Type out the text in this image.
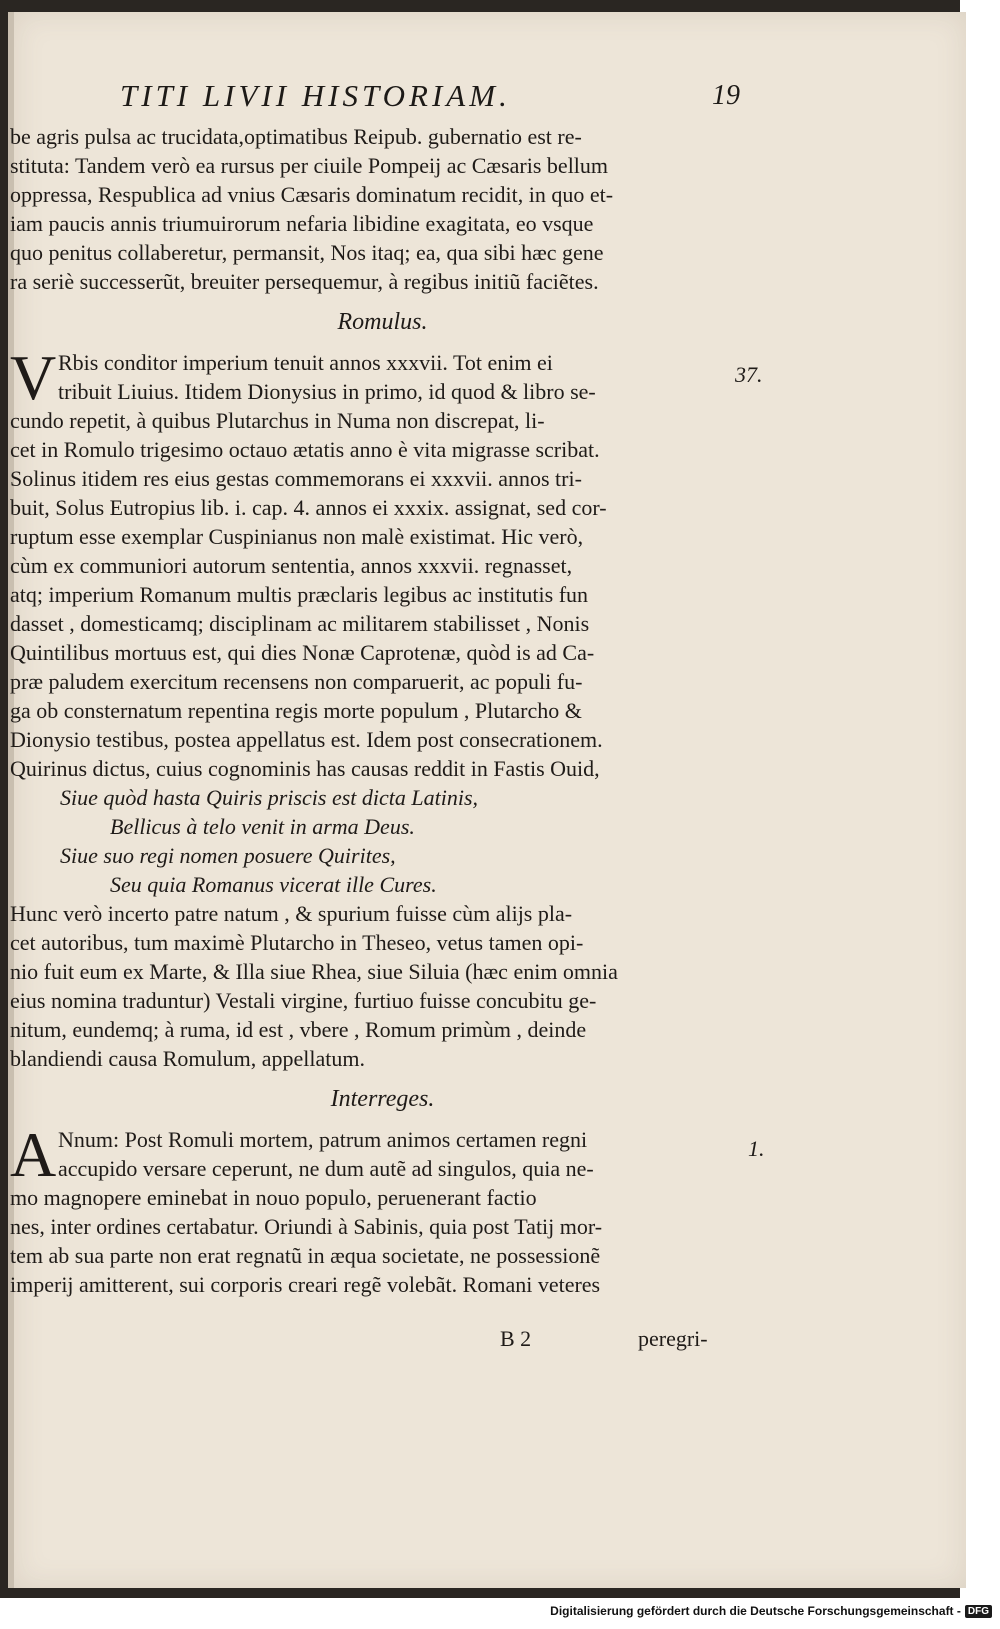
TITI LIVII HISTORIAM.	19
be agris pulsa ac trucidata,optimatibus Reipub. gubernatio est re-
stituta: Tandem verò ea rursus per ciuile Pompeij ac Cæsaris bellum
oppressa, Respublica ad vnius Cæsaris dominatum recidit, in quo et-
iam paucis annis triumuirorum nefaria libidine exagitata, eo vsque
quo penitus collaberetur, permansit, Nos itaq; ea, qua sibi hæc gene
ra seriè successerũt, breuiter persequemur, à regibus initiũ faciẽtes.
Romulus.
V Rbis conditor imperium tenuit annos xxxvii. Tot enim ei
tribuit Liuius. Itidem Dionysius in primo, id quod & libro se-
cundo repetit, à quibus Plutarchus in Numa non discrepat, li-
cet in Romulo trigesimo octauo ætatis anno è vita migrasse scribat.
Solinus itidem res eius gestas commemorans ei xxxvii. annos tri-
buit, Solus Eutropius lib. i. cap. 4. annos ei xxxix. assignat, sed cor-
ruptum esse exemplar Cuspinianus non malè existimat. Hic verò,
cùm ex communiori autorum sententia, annos xxxvii. regnasset,
atq; imperium Romanum multis præclaris legibus ac institutis fun
dasset , domesticamq; disciplinam ac militarem stabilisset , Nonis
Quintilibus mortuus est, qui dies Nonæ Caprotenæ, quòd is ad Ca-
præ paludem exercitum recensens non comparuerit, ac populi fu-
ga ob consternatum repentina regis morte populum , Plutarcho &
Dionysio testibus, postea appellatus est. Idem post consecrationem.
Quirinus dictus, cuius cognominis has causas reddit in Fastis Ouid,
Siue quòd hasta Quiris priscis est dicta Latinis,
Bellicus à telo venit in arma Deus.
Siue suo regi nomen posuere Quirites,
Seu quia Romanus vicerat ille Cures.
Hunc verò incerto patre natum , & spurium fuisse cùm alijs pla-
cet autoribus, tum maximè Plutarcho in Theseo, vetus tamen opi-
nio fuit eum ex Marte, & Illa siue Rhea, siue Siluia (hæc enim omnia
eius nomina traduntur) Vestali virgine, furtiuo fuisse concubitu ge-
nitum, eundemq; à ruma, id est , vbere , Romum primùm , deinde
blandiendi causa Romulum, appellatum.
Interreges.
A Nnum: Post Romuli mortem, patrum animos certamen regni
accupido versare ceperunt, ne dum autẽ ad singulos, quia ne-
mo magnopere eminebat in nouo populo, peruenerant factio
nes, inter ordines certabatur. Oriundi à Sabinis, quia post Tatij mor-
tem ab sua parte non erat regnatũ in æqua societate, ne possessionẽ
imperij amitterent, sui corporis creari regẽ volebãt. Romani veteres
37.
1.
B 2	peregri-
Digitalisierung gefördert durch die Deutsche Forschungsgemeinschaft - DFG
